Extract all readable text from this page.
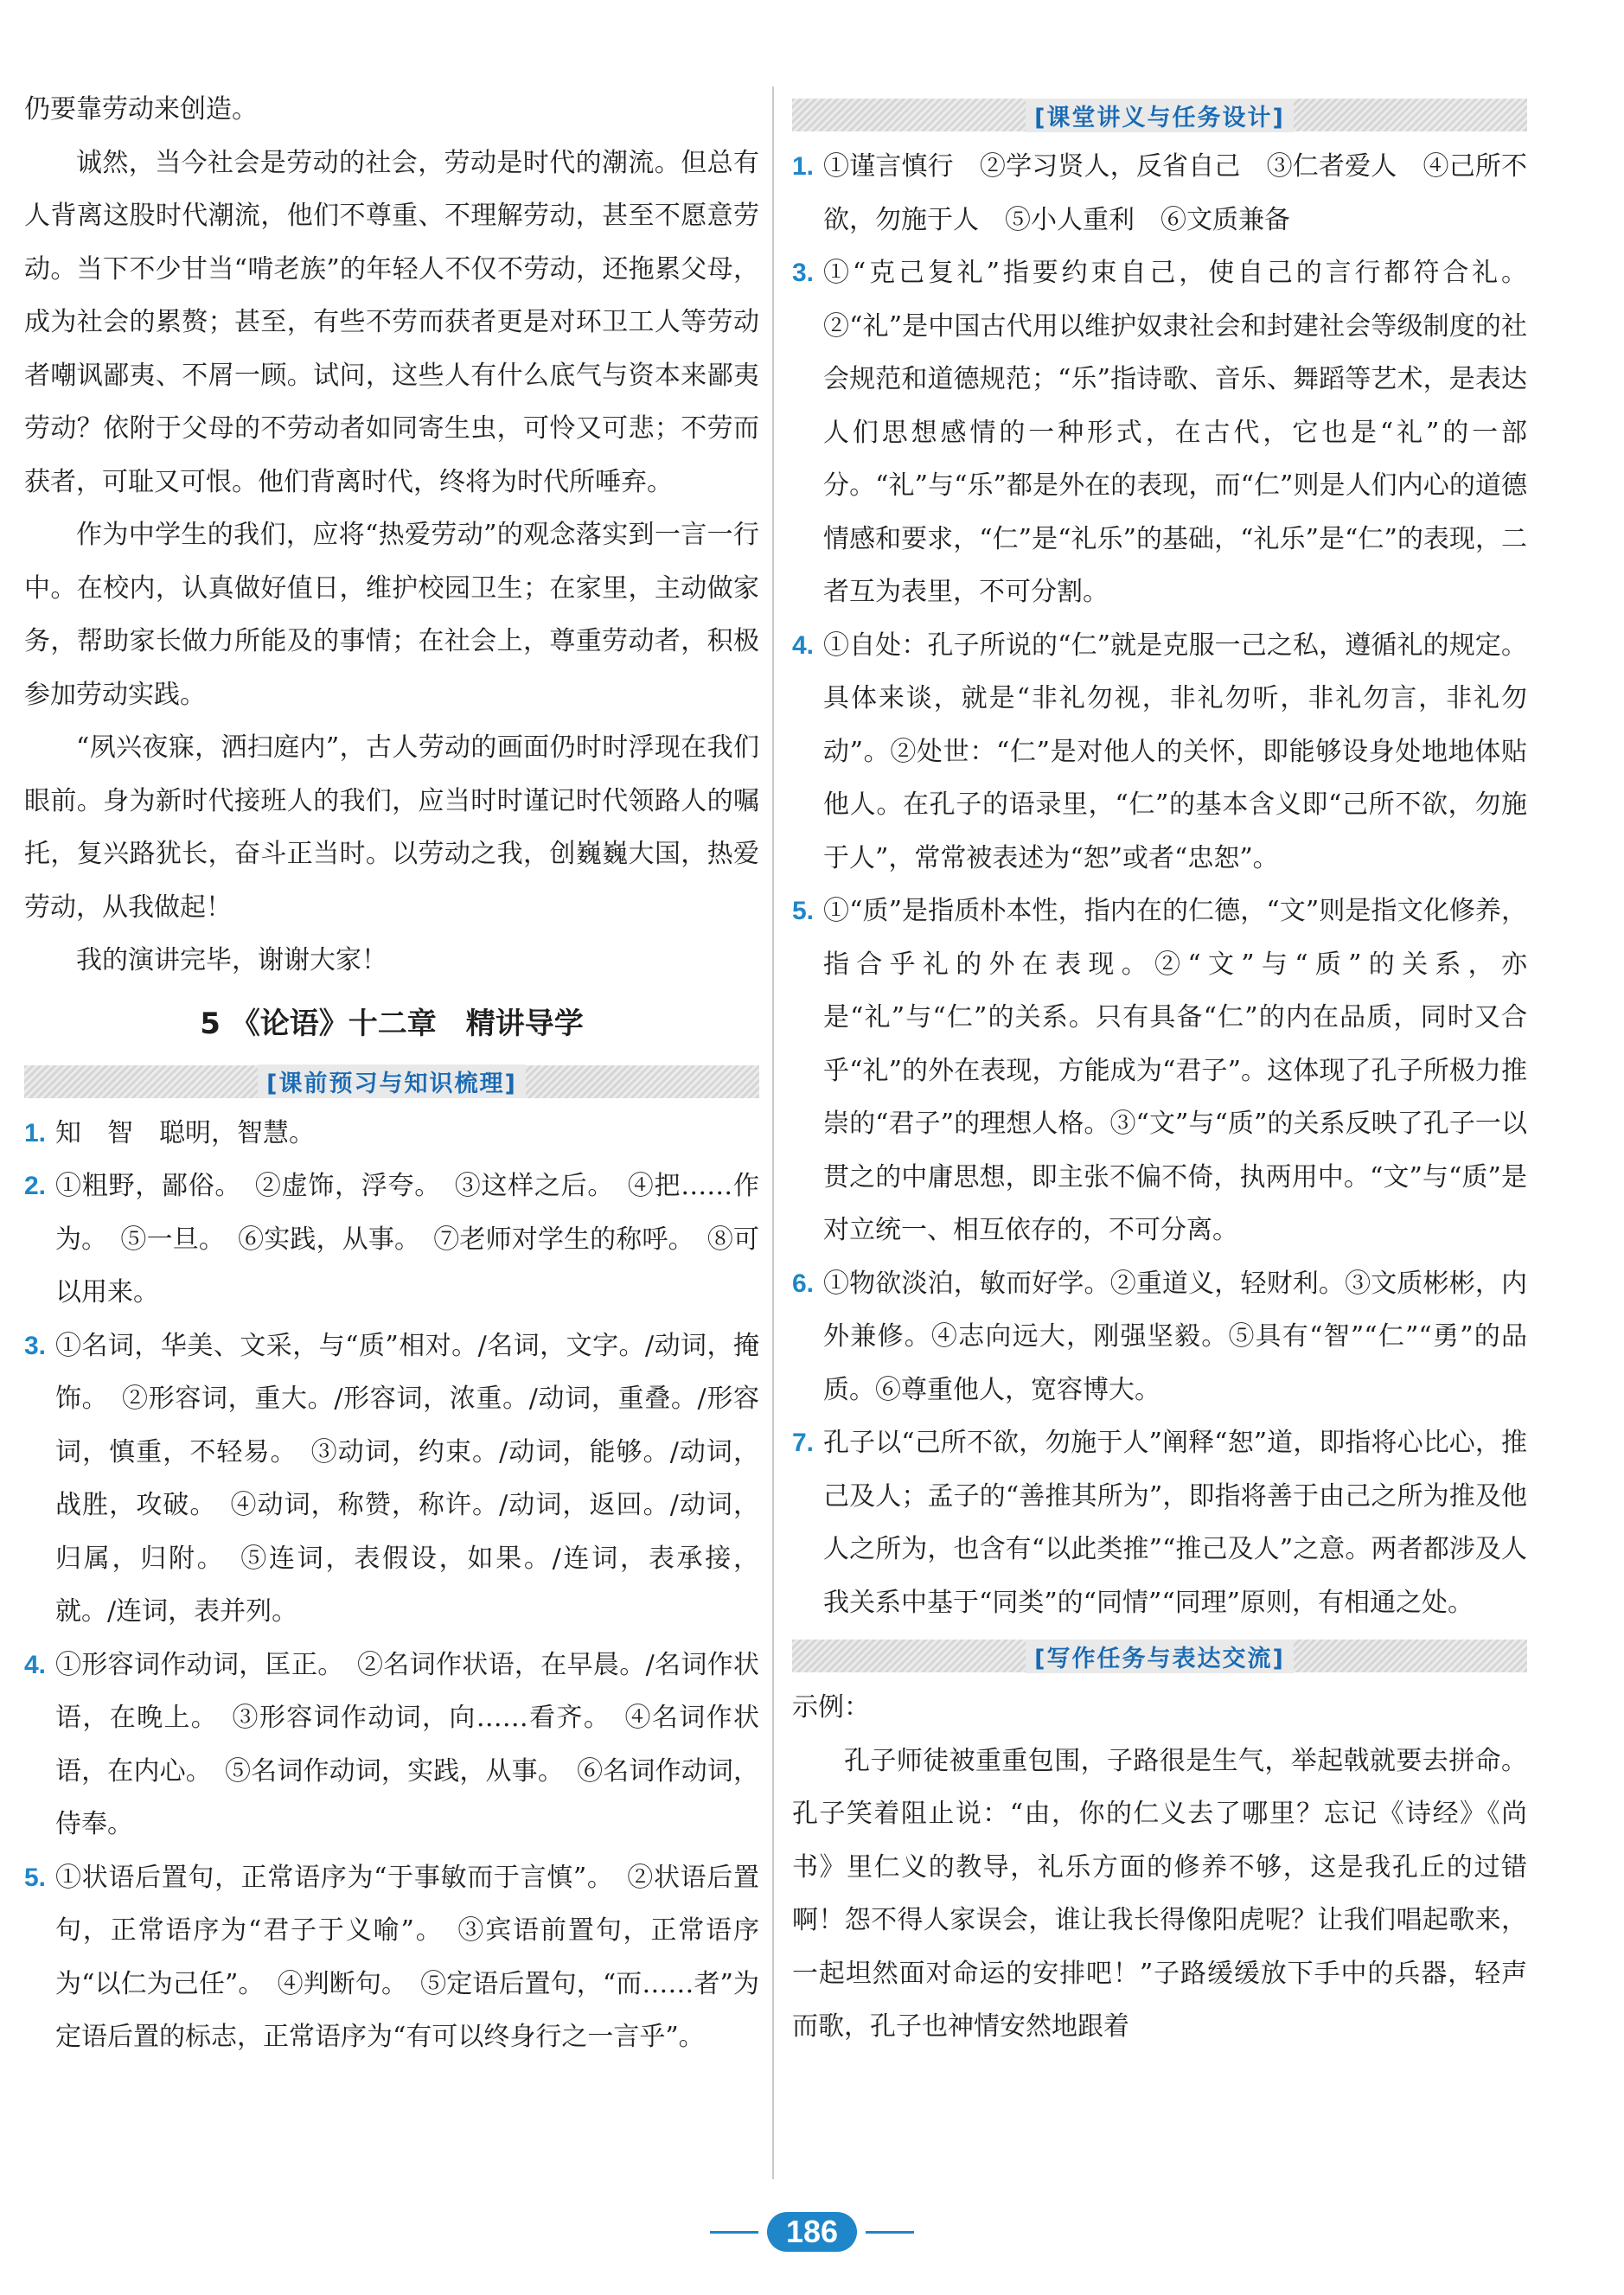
仍要靠劳动来创造。

诚然，当今社会是劳动的社会，劳动是时代的潮流。但总有人背离这股时代潮流，他们不尊重、不理解劳动，甚至不愿意劳动。当下不少甘当“啃老族”的年轻人不仅不劳动，还拖累父母，成为社会的累赘；甚至，有些不劳而获者更是对环卫工人等劳动者嘲讽鄙夷、不屑一顾。试问，这些人有什么底气与资本来鄙夷劳动？依附于父母的不劳动者如同寄生虫，可怜又可悲；不劳而获者，可耻又可恨。他们背离时代，终将为时代所唾弃。

作为中学生的我们，应将“热爱劳动”的观念落实到一言一行中。在校内，认真做好值日，维护校园卫生；在家里，主动做家务，帮助家长做力所能及的事情；在社会上，尊重劳动者，积极参加劳动实践。

“夙兴夜寐，洒扫庭内”，古人劳动的画面仍时时浮现在我们眼前。身为新时代接班人的我们，应当时时谨记时代领路人的嘱托，复兴路犹长，奋斗正当时。以劳动之我，创巍巍大国，热爱劳动，从我做起！

我的演讲完毕，谢谢大家！

5 《论语》十二章　精讲导学
[课前预习与知识梳理]
1. 知　智　聪明，智慧。
2. ①粗野，鄙俗。　②虚饰，浮夸。　③这样之后。　④把……作为。　⑤一旦。　⑥实践，从事。　⑦老师对学生的称呼。　⑧可以用来。
3. ①名词，华美、文采，与“质”相对。/名词，文字。/动词，掩饰。　②形容词，重大。/形容词，浓重。/动词，重叠。/形容词，慎重，不轻易。　③动词，约束。/动词，能够。/动词，战胜，攻破。　④动词，称赞，称许。/动词，返回。/动词，归属，归附。　⑤连词，表假设，如果。/连词，表承接，就。/连词，表并列。
4. ①形容词作动词，匡正。　②名词作状语，在早晨。/名词作状语，在晚上。　③形容词作动词，向……看齐。　④名词作状语，在内心。　⑤名词作动词，实践，从事。　⑥名词作动词，侍奉。
5. ①状语后置句，正常语序为“于事敏而于言慎”。　②状语后置句，正常语序为“君子于义喻”。　③宾语前置句，正常语序为“以仁为己任”。　④判断句。　⑤定语后置句，“而……者”为定语后置的标志，正常语序为“有可以终身行之一言乎”。
[课堂讲义与任务设计]
1. ①谨言慎行　②学习贤人，反省自己　③仁者爱人　④己所不欲，勿施于人　⑤小人重利　⑥文质兼备
3. ①“克己复礼”指要约束自己，使自己的言行都符合礼。②“礼”是中国古代用以维护奴隶社会和封建社会等级制度的社会规范和道德规范；“乐”指诗歌、音乐、舞蹈等艺术，是表达人们思想感情的一种形式，在古代，它也是“礼”的一部分。“礼”与“乐”都是外在的表现，而“仁”则是人们内心的道德情感和要求，“仁”是“礼乐”的基础，“礼乐”是“仁”的表现，二者互为表里，不可分割。
4. ①自处：孔子所说的“仁”就是克服一己之私，遵循礼的规定。具体来谈，就是“非礼勿视，非礼勿听，非礼勿言，非礼勿动”。②处世：“仁”是对他人的关怀，即能够设身处地地体贴他人。在孔子的语录里，“仁”的基本含义即“己所不欲，勿施于人”，常常被表述为“恕”或者“忠恕”。
5. ①“质”是指质朴本性，指内在的仁德，“文”则是指文化修养，指合乎礼的外在表现。②“文”与“质”的关系，亦是“礼”与“仁”的关系。只有具备“仁”的内在品质，同时又合乎“礼”的外在表现，方能成为“君子”。这体现了孔子所极力推崇的“君子”的理想人格。③“文”与“质”的关系反映了孔子一以贯之的中庸思想，即主张不偏不倚，执两用中。“文”与“质”是对立统一、相互依存的，不可分离。
6. ①物欲淡泊，敏而好学。②重道义，轻财利。③文质彬彬，内外兼修。④志向远大，刚强坚毅。⑤具有“智”“仁”“勇”的品质。⑥尊重他人，宽容博大。
7. 孔子以“己所不欲，勿施于人”阐释“恕”道，即指将心比心，推己及人；孟子的“善推其所为”，即指将善于由己之所为推及他人之所为，也含有“以此类推”“推己及人”之意。两者都涉及人我关系中基于“同类”的“同情”“同理”原则，有相通之处。
[写作任务与表达交流]

示例：

孔子师徒被重重包围，子路很是生气，举起戟就要去拼命。孔子笑着阻止说：“由，你的仁义去了哪里？忘记《诗经》《尚书》里仁义的教导，礼乐方面的修养不够，这是我孔丘的过错啊！怨不得人家误会，谁让我长得像阳虎呢？让我们唱起歌来，一起坦然面对命运的安排吧！”子路缓缓放下手中的兵器，轻声而歌，孔子也神情安然地跟着

186
